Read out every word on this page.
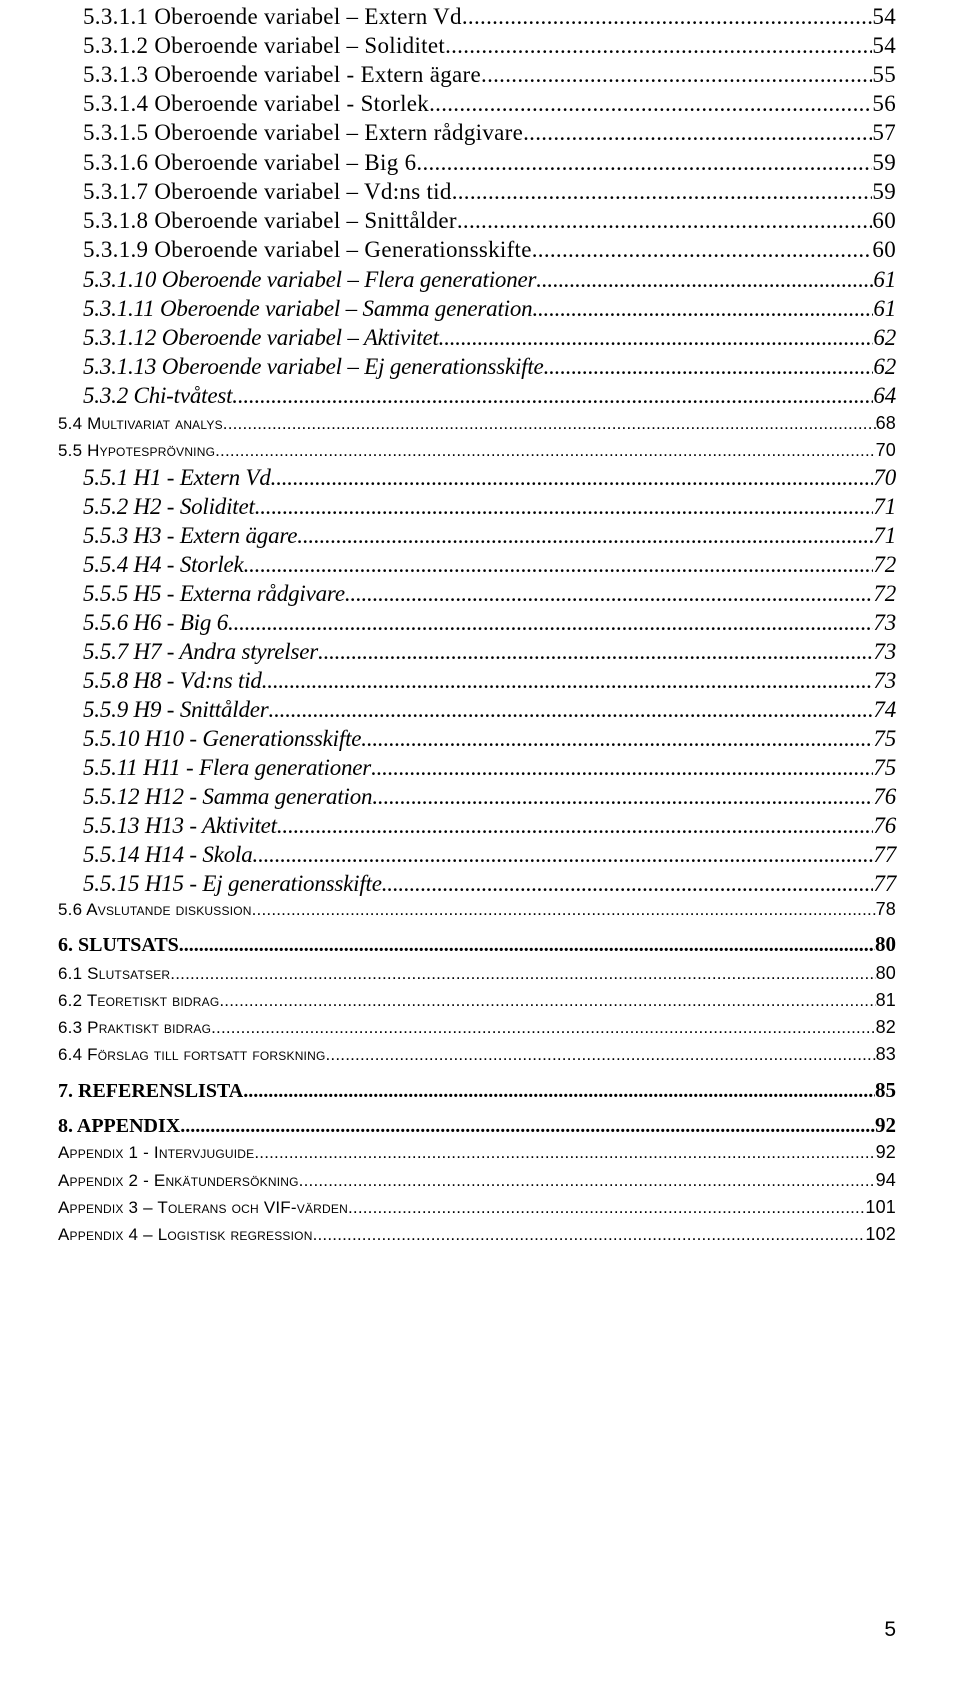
5.3.1.1 Oberoende variabel – Extern Vd .....	54
5.3.1.2 Oberoende variabel – Soliditet .....	54
5.3.1.3 Oberoende variabel - Extern ägare .....	55
5.3.1.4 Oberoende variabel - Storlek .....	56
5.3.1.5 Oberoende variabel – Extern rådgivare .....	57
5.3.1.6 Oberoende variabel – Big 6 .....	59
5.3.1.7 Oberoende variabel – Vd:ns tid .....	59
5.3.1.8 Oberoende variabel – Snittålder .....	60
5.3.1.9 Oberoende variabel – Generationsskifte .....	60
5.3.1.10 Oberoende variabel – Flera generationer .....	61
5.3.1.11 Oberoende variabel – Samma generation .....	61
5.3.1.12 Oberoende variabel – Aktivitet .....	62
5.3.1.13 Oberoende variabel – Ej generationsskifte .....	62
5.3.2 Chi-tvåtest .....	64
5.4 Multivariat analys .....	68
5.5 Hypotesprövning .....	70
5.5.1 H1 - Extern Vd .....	70
5.5.2 H2 - Soliditet .....	71
5.5.3 H3 - Extern ägare .....	71
5.5.4 H4 - Storlek .....	72
5.5.5 H5 - Externa rådgivare .....	72
5.5.6 H6 - Big 6 .....	73
5.5.7 H7 - Andra styrelser .....	73
5.5.8 H8 - Vd:ns tid .....	73
5.5.9 H9 - Snittålder .....	74
5.5.10 H10 - Generationsskifte .....	75
5.5.11 H11 - Flera generationer .....	75
5.5.12 H12 - Samma generation .....	76
5.5.13 H13 - Aktivitet .....	76
5.5.14 H14 - Skola .....	77
5.5.15 H15 - Ej generationsskifte .....	77
5.6 Avslutande diskussion .....	78
6. SLUTSATS .....	80
6.1 Slutsatser .....	80
6.2 Teoretiskt bidrag .....	81
6.3 Praktiskt bidrag .....	82
6.4 Förslag till fortsatt forskning .....	83
7. REFERENSLISTA .....	85
8. APPENDIX .....	92
Appendix 1 - Intervjuguide .....	92
Appendix 2 - Enkätundersökning .....	94
Appendix 3 – Tolerans och VIF-värden .....	101
Appendix 4 – Logistisk regression .....	102
5
